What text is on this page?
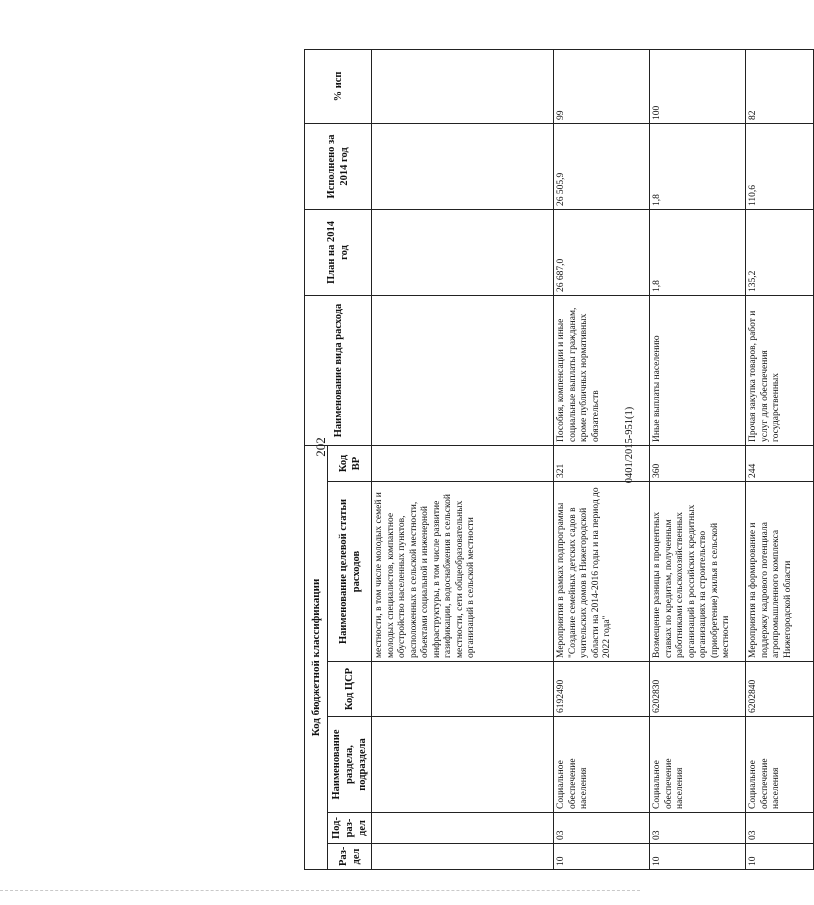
202	0401/2015-951(1)
Код бюджетной классификации						Наименование вида расхода	План на 2014 год	Исполнено за 2014 год	% исп
Раз-дел	Под-раз-дел	Наименование раздела, подраздела	Код ЦСР	Наименование целевой статьи расходов	Код ВР				
				местности, в том числе молодых семей и молодых специалистов, компактное обустройство населенных пунктов, расположенных в сельской местности, объектами социальной и инженерной инфраструктуры, в том числе развитие газификации, водоснабжения в сельской местности, сети общеобразовательных организаций в сельской местности					
10	03	Социальное обеспечение населения	6192490	Мероприятия в рамках подпрограммы "Создание семейных детских садов в учительских домов в Нижегородской области на 2014-2016 годы и на период до 2022 года"	321	Пособия, компенсации и иные социальные выплаты гражданам, кроме публичных нормативных обязательств	26 687,0	26 505,9	99
10	03	Социальное обеспечение населения	6202830	Возмещение разницы в процентных ставках по кредитам, полученным работниками сельскохозяйственных организаций в российских кредитных организациях на строительство (приобретение) жилья в сельской местности	360	Иные выплаты населению	1,8	1,8	100
10	03	Социальное обеспечение населения	6202840	Мероприятия на формирование и поддержку кадрового потенциала агропромышленного комплекса Нижегородской области	244	Прочая закупка товаров, работ и услуг для обеспечения государственных	135,2	110,6	82
